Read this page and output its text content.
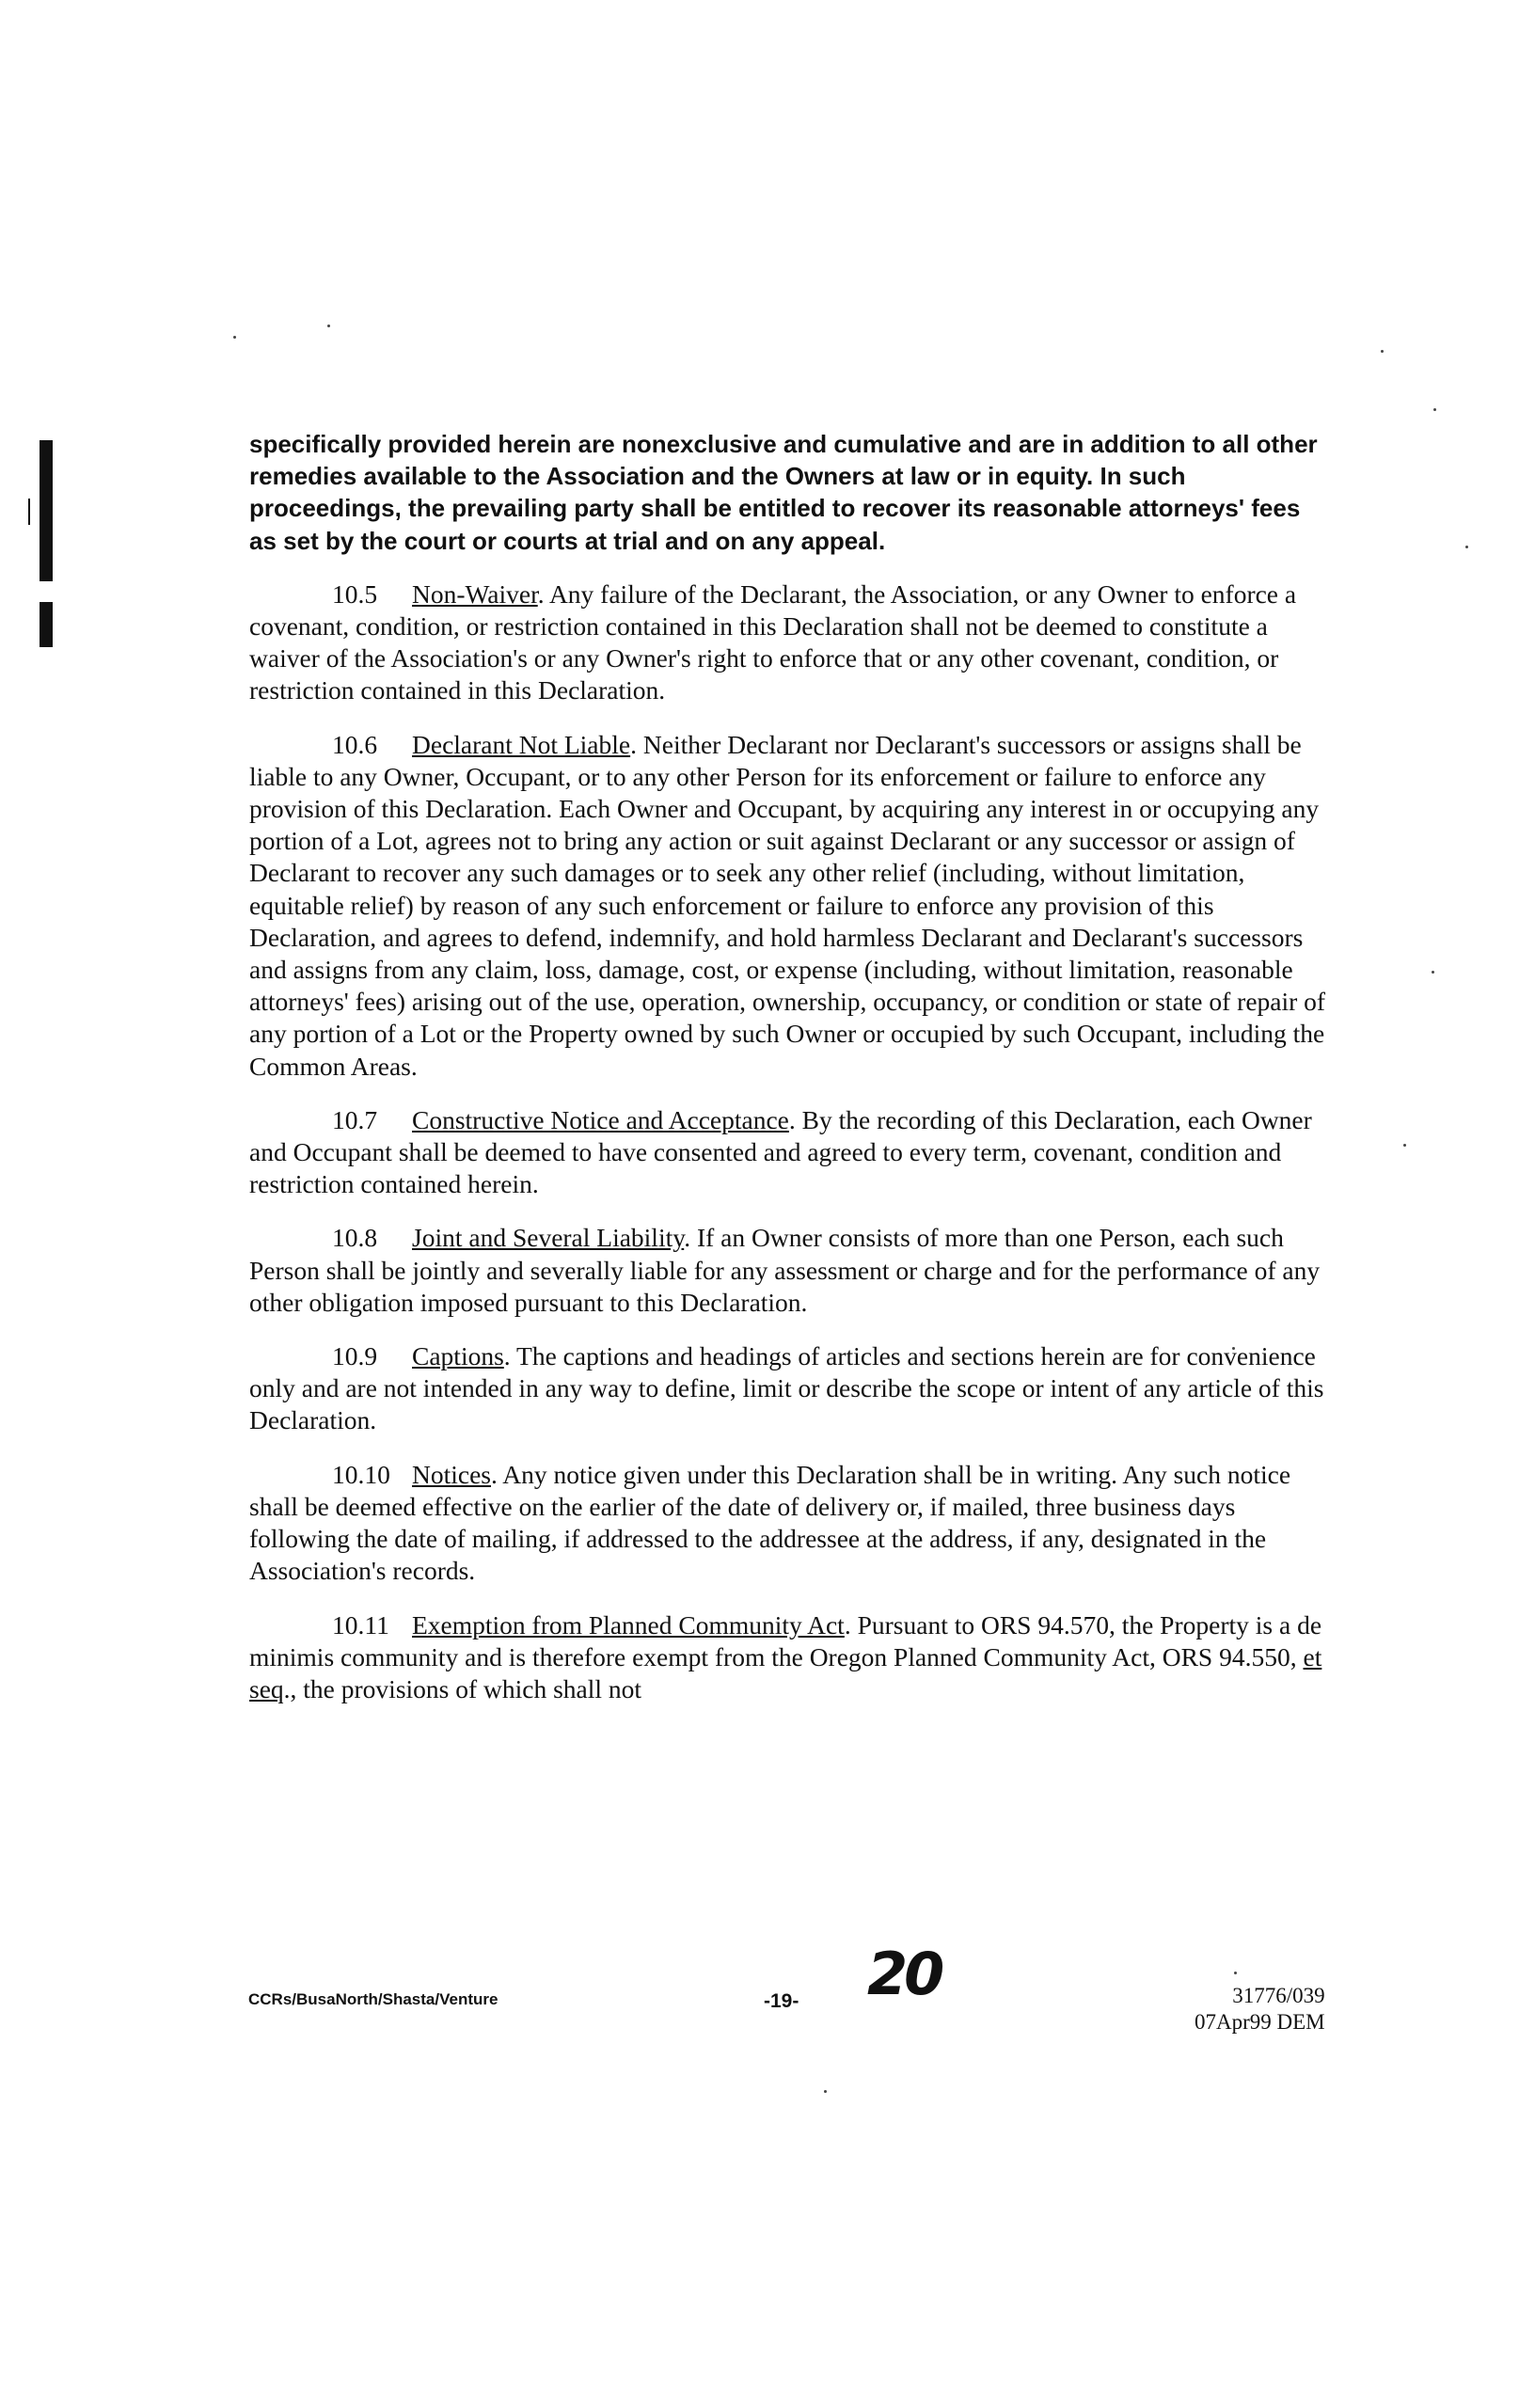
specifically provided herein are nonexclusive and cumulative and are in addition to all other remedies available to the Association and the Owners at law or in equity. In such proceedings, the prevailing party shall be entitled to recover its reasonable attorneys' fees as set by the court or courts at trial and on any appeal.

10.5 Non-Waiver. Any failure of the Declarant, the Association, or any Owner to enforce a covenant, condition, or restriction contained in this Declaration shall not be deemed to constitute a waiver of the Association's or any Owner's right to enforce that or any other covenant, condition, or restriction contained in this Declaration.

10.6 Declarant Not Liable. Neither Declarant nor Declarant's successors or assigns shall be liable to any Owner, Occupant, or to any other Person for its enforcement or failure to enforce any provision of this Declaration. Each Owner and Occupant, by acquiring any interest in or occupying any portion of a Lot, agrees not to bring any action or suit against Declarant or any successor or assign of Declarant to recover any such damages or to seek any other relief (including, without limitation, equitable relief) by reason of any such enforcement or failure to enforce any provision of this Declaration, and agrees to defend, indemnify, and hold harmless Declarant and Declarant's successors and assigns from any claim, loss, damage, cost, or expense (including, without limitation, reasonable attorneys' fees) arising out of the use, operation, ownership, occupancy, or condition or state of repair of any portion of a Lot or the Property owned by such Owner or occupied by such Occupant, including the Common Areas.

10.7 Constructive Notice and Acceptance. By the recording of this Declaration, each Owner and Occupant shall be deemed to have consented and agreed to every term, covenant, condition and restriction contained herein.

10.8 Joint and Several Liability. If an Owner consists of more than one Person, each such Person shall be jointly and severally liable for any assessment or charge and for the performance of any other obligation imposed pursuant to this Declaration.

10.9 Captions. The captions and headings of articles and sections herein are for convenience only and are not intended in any way to define, limit or describe the scope or intent of any article of this Declaration.

10.10 Notices. Any notice given under this Declaration shall be in writing. Any such notice shall be deemed effective on the earlier of the date of delivery or, if mailed, three business days following the date of mailing, if addressed to the addressee at the address, if any, designated in the Association's records.

10.11 Exemption from Planned Community Act. Pursuant to ORS 94.570, the Property is a de minimis community and is therefore exempt from the Oregon Planned Community Act, ORS 94.550, et seq., the provisions of which shall not

20
CCRs/BusaNorth/Shasta/Venture	-19-	31776/039
07Apr99 DEM
